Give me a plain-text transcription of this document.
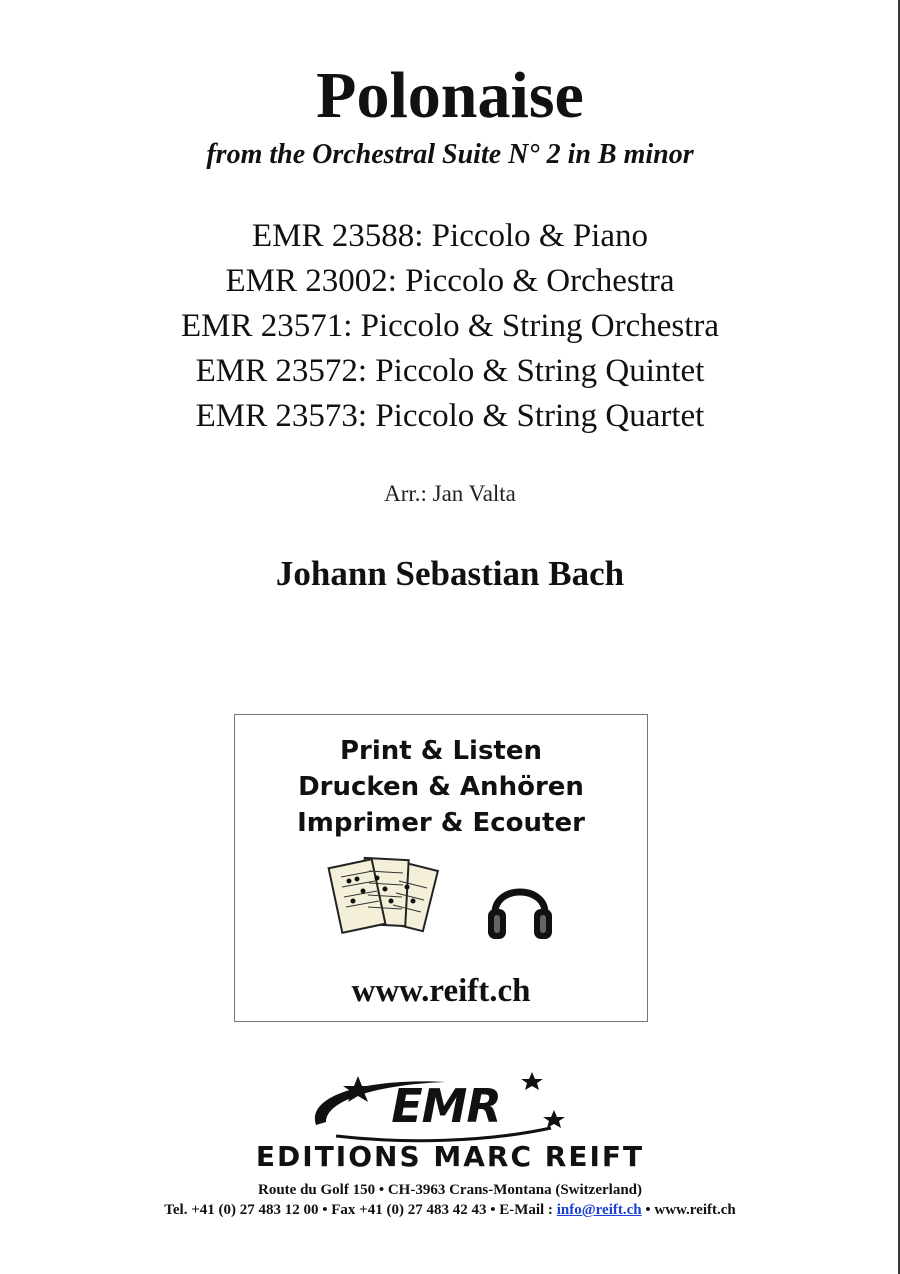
Polonaise
from the Orchestral Suite N° 2 in B minor
EMR 23588: Piccolo & Piano
EMR 23002: Piccolo & Orchestra
EMR 23571: Piccolo & String Orchestra
EMR 23572: Piccolo & String Quintet
EMR 23573: Piccolo & String Quartet
Arr.: Jan Valta
Johann Sebastian Bach
Print & Listen
Drucken & Anhören
Imprimer & Ecouter
www.reift.ch
EMR
EDITIONS MARC REIFT
Route du Golf 150 • CH-3963 Crans-Montana (Switzerland)
Tel. +41 (0) 27 483 12 00 • Fax +41 (0) 27 483 42 43 • E-Mail : info@reift.ch • www.reift.ch
